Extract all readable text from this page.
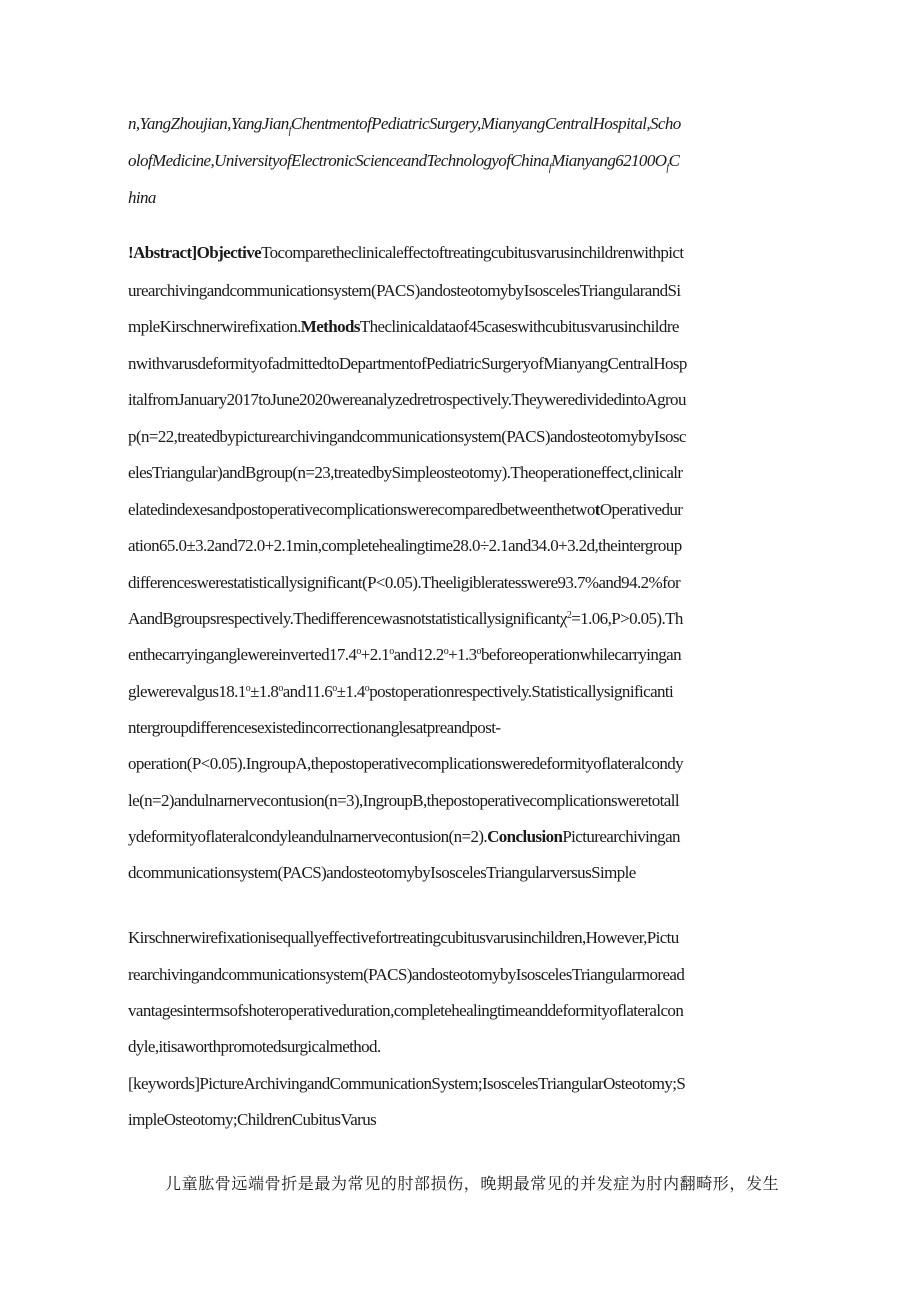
n,YangZhoujian,YangJian$_f$ChentmentofPediatricSurgery,MianyangCentralHospital,Scho
$olofMedicine,UniversityofElectronicScienceandTechnologyofChina_fMianyang62100O_fC$
hina
!Abstract]ObjectiveTocomparetheclinicaleffectoftreatingcubitusvarusinchildrenwithpict
urearchivingandcommunicationsystem(PACS)andosteotomybyIsoscelesTriangularandSi
mpleKirschnerwirefixation.MethodsTheclinicaldataof45caseswithcubitusvarusinchildre
nwithvarusdeformityofadmittedtoDepartmentofPediatricSurgeryofMianyangCentralHosp
italfromJanuary2017toJune2020wereanalyzedretrospectively.TheyweredividedintoAgrou
p(n=22,treatedbypicturearchivingandcommunicationsystem(PACS)andosteotomybyIsosc
elesTriangular)andBgroup(n=23,treatedbySimpleosteotomy).Theoperationeffect,clinicalr
elatedindexesandpostoperativecomplicationswerecomparedbetweenthetwotOperativedur
ation65.0±3.2and72.0+2.1min,completehealingtime28.0÷2.1and34.0+3.2d,theintergroup
differenceswerestatisticallysignificant(P<0.05).Theeligibleratesswere93.7%and94.2%for
AandBgroupsrespectively.Thedifferencewasnotstatisticallysignificantχ$^2$=1.06,P>0.05).Th
$enthecarryinganglewereinverted17.4^o+2.1^oand12.2^o+1.3^obeforeoperationwhilecarryingan$
$glewerevalgus18.1^o\pm 1.8^oand11.6^o\pm 1.4^opostoperationrespectively.Statisticallysignificanti$
ntergroupdifferencesexistedincorrectionanglesatpreandpost-
operation(P<0.05).IngroupA,thepostoperativecomplicationsweredeformityoflateralcondy
le(n=2)andulnarnervecontusion(n=3),IngroupB,thepostoperativecomplicationsweretotall
ydeformityoflateralcondyleandulnarnervecontusion(n=2).ConclusionPicturearchivingan
dcommunicationsystem(PACS)andosteotomybyIsoscelesTriangularversusSimple
Kirschnerwirefixationisequallyeffectivefortreatingcubitusvarusinchildren,However,Pictu
rearchivingandcommunicationsystem(PACS)andosteotomybyIsoscelesTriangularmoread
vantagesintermsofshoteroperativeduration,completehealingtimeanddeformityoflateralcon
dyle,itisaworthpromotedsurgicalmethod.
[keywords]PictureArchivingandCommunicationSystem;IsoscelesTriangularOsteotomy;S
impleOsteotomy;ChildrenCubitusVarus
儿童肱骨远端骨折是最为常见的肘部损伤，晚期最常见的并发症为肘内翻畸形，发生
